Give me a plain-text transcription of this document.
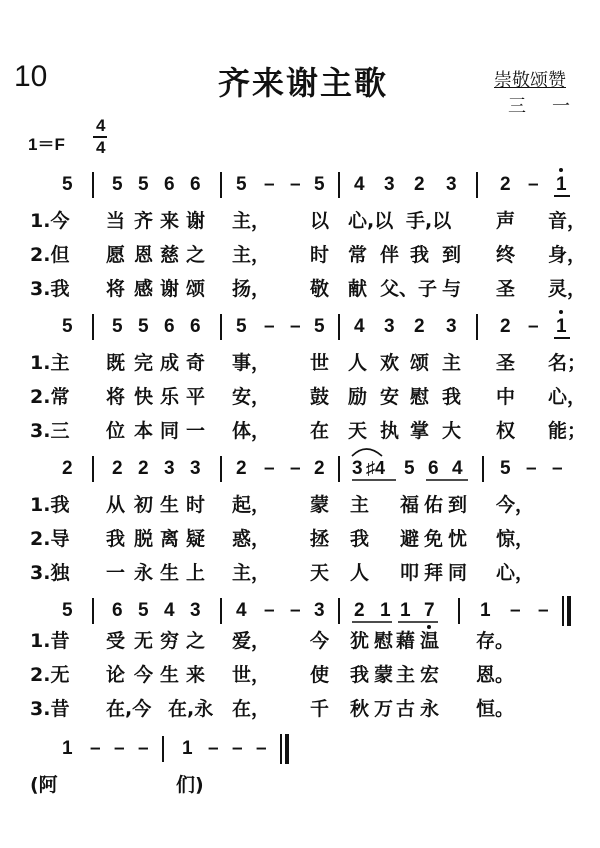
10	齐来谢主歌	崇敬颂赞
三　一
1＝F
4
4
5 5 5 6 6 5 – – 5 4 3 2 3 2 – 1
1.今 当 齐 来 谢 主， 以 心,以 手,以 声 音，
2.但 愿 恩 慈 之 主， 时 常 伴 我 到 终 身，
3.我 将 感 谢 颂 扬， 敬 献 父、子 与 圣 灵，
5 5 5 6 6 5 – – 5 4 3 2 3 2 – 1
1.主 既 完 成 奇 事， 世 人 欢 颂 主 圣 名；
2.常 将 快 乐 平 安， 鼓 励 安 慰 我 中 心，
3.三 位 本 同 一 体， 在 天 执 掌 大 权 能；
2 2 2 3 3 2 – – 2 3 ♯4 5 6 4 5 – –
1.我 从 初 生 时 起， 蒙 主 福 佑 到 今，
2.导 我 脱 离 疑 惑， 拯 我 避 免 忧 惊，
3.独 一 永 生 上 主， 天 人 叩 拜 同 心，
5 6 5 4 3 4 – – 3 2 1 1 7 1 – –
1.昔 受 无 穷 之 爱， 今 犹 慰 藉 温 存。
2.无 论 今 生 来 世， 使 我 蒙 主 宏 恩。
3.昔 在,今 在,永 在， 千 秋 万 古 永 恒。
1 – – – 1 – – –
(阿	们)
